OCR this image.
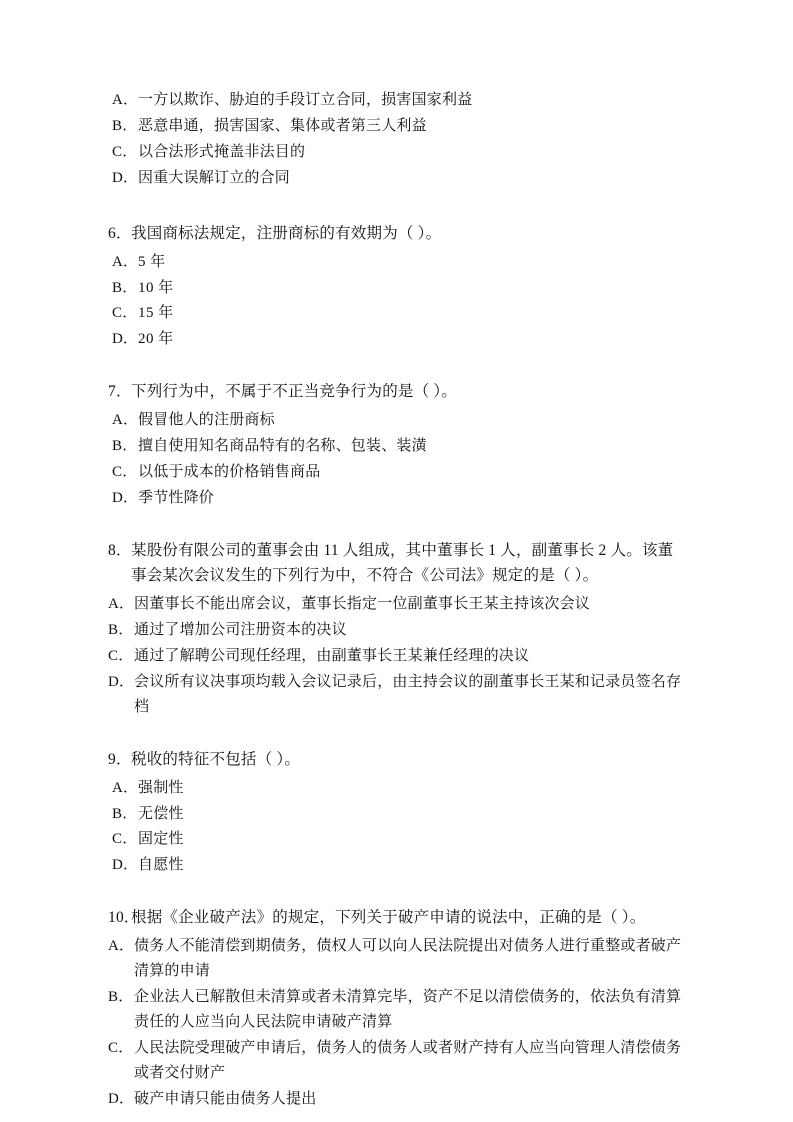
A． 一方以欺诈、胁迫的手段订立合同，损害国家利益
B． 恶意串通，损害国家、集体或者第三人利益
C． 以合法形式掩盖非法目的
D． 因重大误解订立的合同

6． 我国商标法规定，注册商标的有效期为（ ）。

A． 5 年
B． 10 年
C． 15 年
D． 20 年

7． 下列行为中，不属于不正当竞争行为的是（ ）。

A． 假冒他人的注册商标
B． 擅自使用知名商品特有的名称、包装、装潢
C． 以低于成本的价格销售商品
D． 季节性降价

8． 某股份有限公司的董事会由 11 人组成，其中董事长 1 人，副董事长 2 人。该董事会某次会议发生的下列行为中，不符合《公司法》规定的是（ ）。

A． 因董事长不能出席会议，董事长指定一位副董事长王某主持该次会议
B． 通过了增加公司注册资本的决议
C． 通过了解聘公司现任经理，由副董事长王某兼任经理的决议
D． 会议所有议决事项均载入会议记录后，由主持会议的副董事长王某和记录员签名存档

9． 税收的特征不包括（ ）。

A． 强制性
B． 无偿性
C． 固定性
D． 自愿性

10．
根据《企业破产法》的规定，下列关于破产申请的说法中，正确的是（ ）。

A． 债务人不能清偿到期债务，债权人可以向人民法院提出对债务人进行重整或者破产清算的申请
B． 企业法人已解散但未清算或者未清算完毕，资产不足以清偿债务的，依法负有清算责任的人应当向人民法院申请破产清算
C． 人民法院受理破产申请后，债务人的债务人或者财产持有人应当向管理人清偿债务或者交付财产
D． 破产申请只能由债务人提出
